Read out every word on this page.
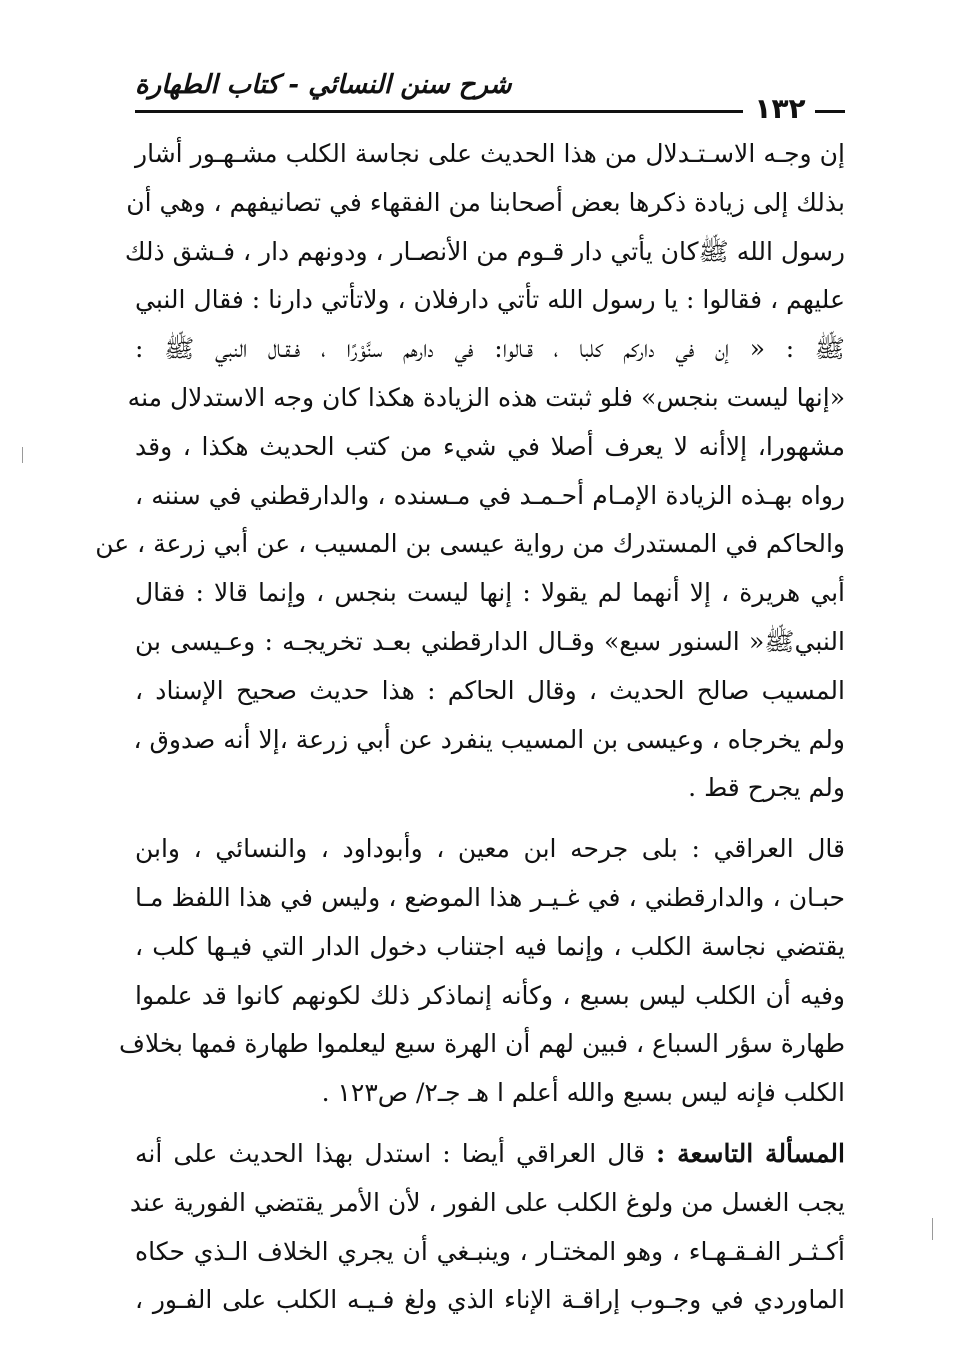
شرح سنن النسائي - كتاب الطهارة
١٣٢
إن وجـه الاسـتـدلال من هذا الحديث على نجاسة الكلب مشـهـور أشار
بذلك إلى زيادة ذكرها بعض أصحابنا من الفقهاء في تصانيفهم ، وهي أن
رسول الله ﷺكان يأتي دار قـوم من الأنصـار ، ودونهم دار ، فـشق ذلك
عليهم ، فقالوا : يا رسول الله تأتي دارفلان ، ولاتأتي دارنا : فقال النبي
ﷺ : « إن في داركم كلبا ، قـالوا: في دارهم سنَّوْرًا ، فـقـال النبي ﷺ :
«إنها ليست بنجس» فلو ثبتت هذه الزيادة هكذا كان وجه الاستدلال منه
مشهورا، إلاأنه لا يعرف أصلا في شيء من كتب الحديث هكذا ، وقد
رواه بهـذه الزيادة الإمـام أحـمـد في مـسنده ، والدارقطني في سننه ،
والحاكم في المستدرك من رواية عيسى بن المسيب ، عن أبي زرعة ، عن
أبي هريرة ، إلا أنهما لم يقولا : إنها ليست بنجس ، وإنما قالا : فقال
النبيﷺ« السنور سبع» وقـال الدارقطني بعـد تخريجـه : وعـيسى بن
المسيب صالح الحديث ، وقال الحاكم : هذا حديث صحيح الإسناد ،
ولم يخرجاه ، وعيسى بن المسيب ينفرد عن أبي زرعة ،إلا أنه صدوق ،
ولم يجرح قط .
قال العراقي : بلى جرحه ابن معين ، وأبوداود ، والنسائي ، وابن
حبـان ، والدارقطني ، في غـيـر هذا الموضع ، وليس في هذا اللفظ مـا
يقتضي نجاسة الكلب ، وإنما فيه اجتناب دخول الدار التي فيـها كلب ،
وفيه أن الكلب ليس بسبع ، وكأنه إنماذكر ذلك لكونهم كانوا قد علموا
طهارة سؤر السباع ، فبين لهم أن الهرة سبع ليعلموا طهارة فمها بخلاف
الكلب فإنه ليس بسبع والله أعلم ا هـ جـ٢/ ص١٢٣ .
المسألة التاسعة : قال العراقي أيضا : استدل بهذا الحديث على أنه
يجب الغسل من ولوغ الكلب على الفور ، لأن الأمر يقتضي الفورية عند
أكـثـر الفـقـهـاء ، وهو المختـار ، وينبـغي أن يجري الخلاف الـذي حكاه
الماوردي في وجـوب إراقـة الإناء الذي ولغ فـيـه الكلب على الفـور ،
